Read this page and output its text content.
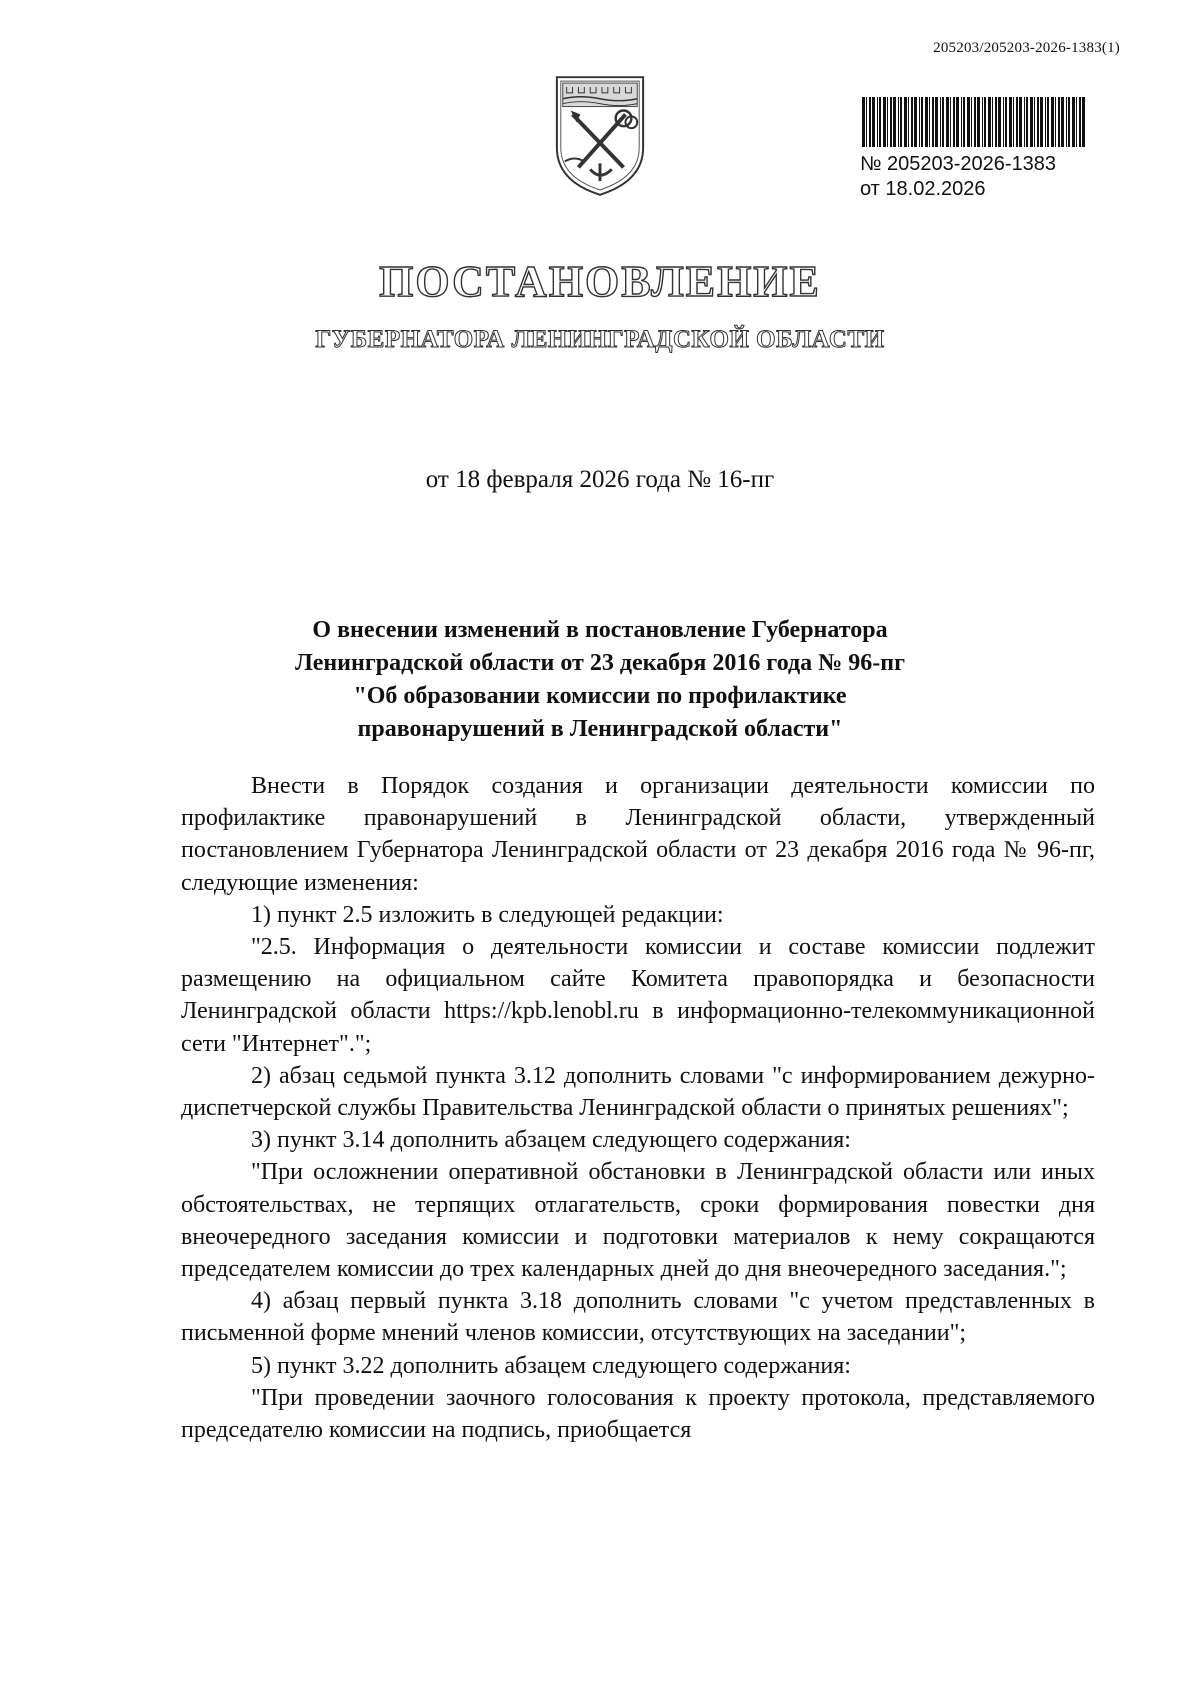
205203/205203-2026-1383(1)
№ 205203-2026-1383
от 18.02.2026
ПОСТАНОВЛЕНИЕ
ГУБЕРНАТОРА ЛЕНИНГРАДСКОЙ ОБЛАСТИ
от 18 февраля 2026 года № 16-пг
О внесении изменений в постановление Губернатора
Ленинградской области от 23 декабря 2016 года № 96-пг
"Об образовании комиссии по профилактике
правонарушений в Ленинградской области"

Внести в Порядок создания и организации деятельности комиссии по профилактике правонарушений в Ленинградской области, утвержденный постановлением Губернатора Ленинградской области от 23 декабря 2016 года № 96-пг, следующие изменения:

1) пункт 2.5 изложить в следующей редакции:

"2.5. Информация о деятельности комиссии и составе комиссии подлежит размещению на официальном сайте Комитета правопорядка и безопасности Ленинградской области https://kpb.lenobl.ru в информационно-телекоммуникационной сети "Интернет".";

2) абзац седьмой пункта 3.12 дополнить словами "с информированием дежурно-диспетчерской службы Правительства Ленинградской области о принятых решениях";

3) пункт 3.14 дополнить абзацем следующего содержания:

"При осложнении оперативной обстановки в Ленинградской области или иных обстоятельствах, не терпящих отлагательств, сроки формирования повестки дня внеочередного заседания комиссии и подготовки материалов к нему сокращаются председателем комиссии до трех календарных дней до дня внеочередного заседания.";

4) абзац первый пункта 3.18 дополнить словами "с учетом представленных в письменной форме мнений членов комиссии, отсутствующих на заседании";

5) пункт 3.22 дополнить абзацем следующего содержания:

"При проведении заочного голосования к проекту протокола, представляемого председателю комиссии на подпись, приобщается
